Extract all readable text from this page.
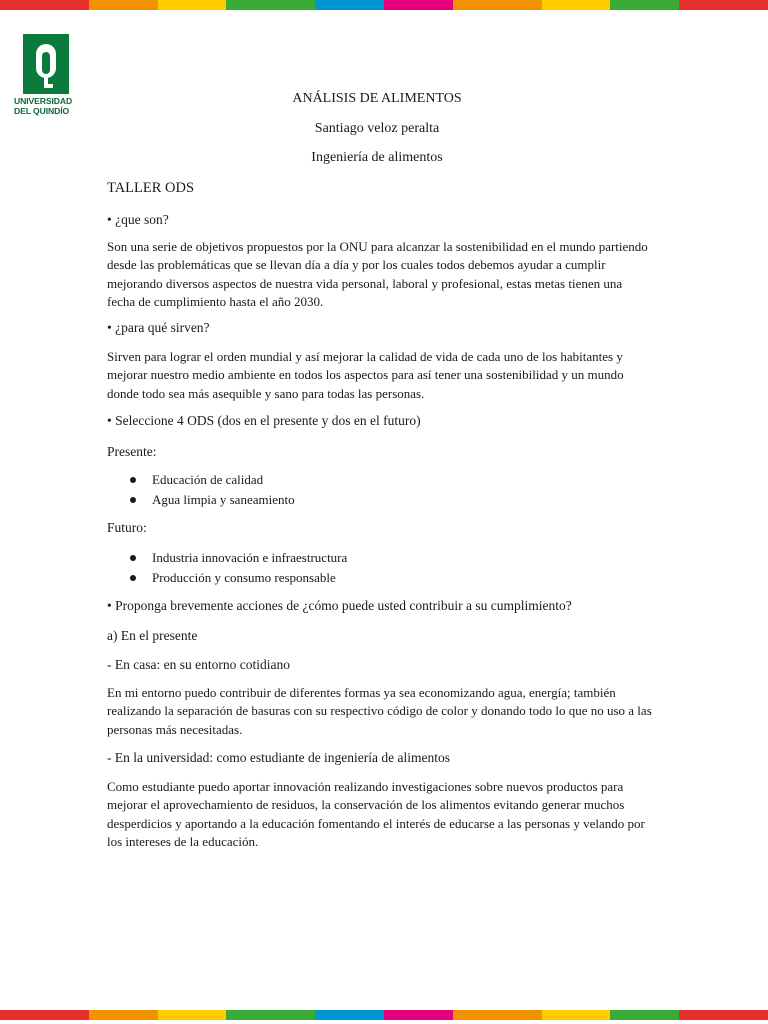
UNIVERSIDAD
DEL QUINDÍO

ANÁLISIS DE ALIMENTOS

Santiago veloz peralta

Ingeniería de alimentos

TALLER ODS

• ¿que son?

Son una serie de objetivos propuestos por la ONU para alcanzar la sostenibilidad en el mundo partiendo desde las problemáticas que se llevan día a día y por los cuales todos debemos ayudar a cumplir mejorando diversos aspectos de nuestra vida personal, laboral y profesional, estas metas tienen una fecha de cumplimiento hasta el año 2030.

• ¿para qué sirven?

Sirven para lograr el orden mundial y así mejorar la calidad de vida de cada uno de los habitantes y mejorar nuestro medio ambiente en todos los aspectos para así tener una sostenibilidad y un mundo donde todo sea más asequible y sano para todas las personas.

• Seleccione 4 ODS (dos en el presente y dos en el futuro)

Presente:

Educación de calidad
Agua limpia y saneamiento

Futuro:

Industria innovación e infraestructura
Producción y consumo responsable

• Proponga brevemente acciones de ¿cómo puede usted contribuir a su cumplimiento?

a) En el presente

- En casa: en su entorno cotidiano

En mi entorno puedo contribuir de diferentes formas ya sea economizando agua, energía; también realizando la separación de basuras con su respectivo código de color y donando todo lo que no uso a las personas más necesitadas.

- En la universidad: como estudiante de ingeniería de alimentos

Como estudiante puedo aportar innovación realizando investigaciones sobre nuevos productos para mejorar el aprovechamiento de residuos, la conservación de los alimentos evitando generar muchos desperdicios y aportando a la educación fomentando el interés de educarse a las personas y velando por los intereses de la educación.
